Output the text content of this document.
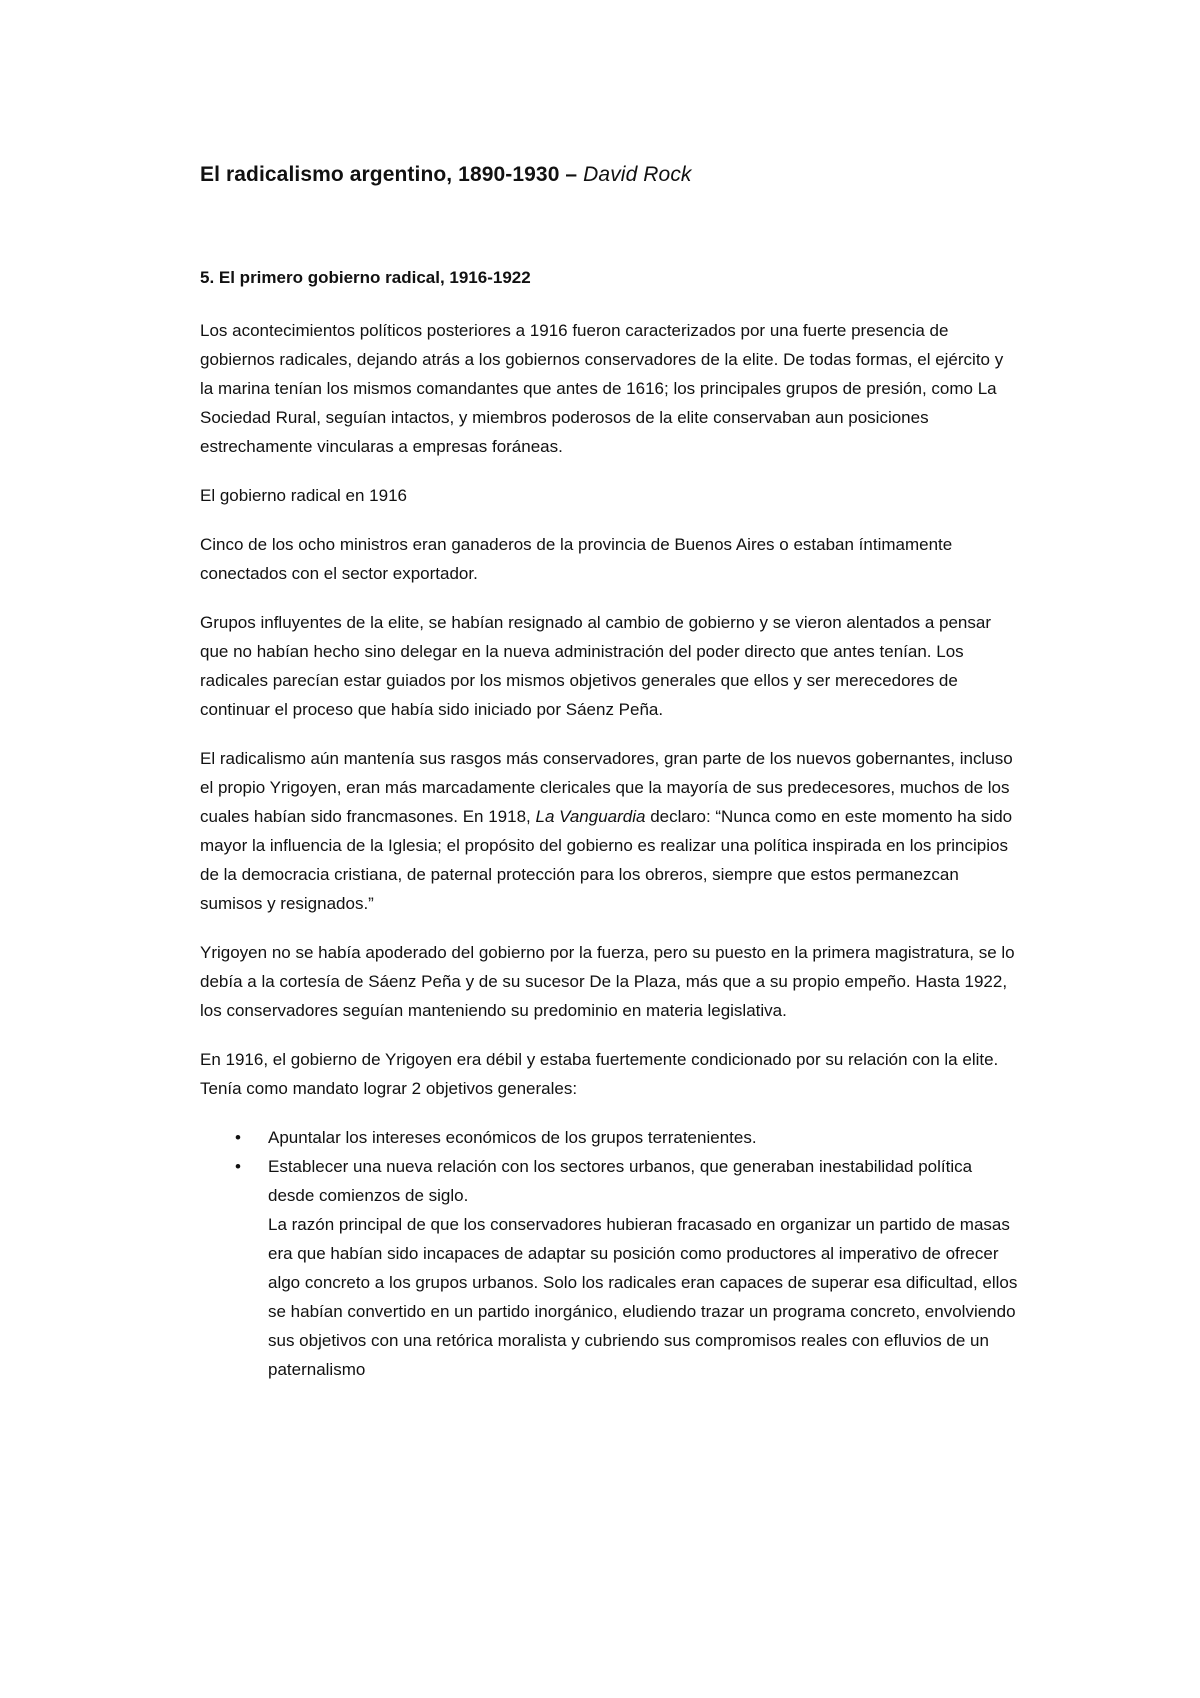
El radicalismo argentino, 1890-1930 – David Rock
5. El primero gobierno radical, 1916-1922

Los acontecimientos políticos posteriores a 1916 fueron caracterizados por una fuerte presencia de gobiernos radicales, dejando atrás a los gobiernos conservadores de la elite. De todas formas, el ejército y la marina tenían los mismos comandantes que antes de 1616; los principales grupos de presión, como La Sociedad Rural, seguían intactos, y miembros poderosos de la elite conservaban aun posiciones estrechamente vincularas a empresas foráneas.

El gobierno radical en 1916

Cinco de los ocho ministros eran ganaderos de la provincia de Buenos Aires o estaban íntimamente conectados con el sector exportador.

Grupos influyentes de la elite, se habían resignado al cambio de gobierno y se vieron alentados a pensar que no habían hecho sino delegar en la nueva administración del poder directo que antes tenían. Los radicales parecían estar guiados por los mismos objetivos generales que ellos y ser merecedores de continuar el proceso que había sido iniciado por Sáenz Peña.

El radicalismo aún mantenía sus rasgos más conservadores, gran parte de los nuevos gobernantes, incluso el propio Yrigoyen, eran más marcadamente clericales que la mayoría de sus predecesores, muchos de los cuales habían sido francmasones. En 1918, La Vanguardia declaro: “Nunca como en este momento ha sido mayor la influencia de la Iglesia; el propósito del gobierno es realizar una política inspirada en los principios de la democracia cristiana, de paternal protección para los obreros, siempre que estos permanezcan sumisos y resignados.”

Yrigoyen no se había apoderado del gobierno por la fuerza, pero su puesto en la primera magistratura, se lo debía a la cortesía de Sáenz Peña y de su sucesor De la Plaza, más que a su propio empeño. Hasta 1922, los conservadores seguían manteniendo su predominio en materia legislativa.

En 1916, el gobierno de Yrigoyen era débil y estaba fuertemente condicionado por su relación con la elite. Tenía como mandato lograr 2 objetivos generales:

• Apuntalar los intereses económicos de los grupos terratenientes.
• Establecer una nueva relación con los sectores urbanos, que generaban inestabilidad política desde comienzos de siglo.
La razón principal de que los conservadores hubieran fracasado en organizar un partido de masas era que habían sido incapaces de adaptar su posición como productores al imperativo de ofrecer algo concreto a los grupos urbanos. Solo los radicales eran capaces de superar esa dificultad, ellos se habían convertido en un partido inorgánico, eludiendo trazar un programa concreto, envolviendo sus objetivos con una retórica moralista y cubriendo sus compromisos reales con efluvios de un paternalismo
